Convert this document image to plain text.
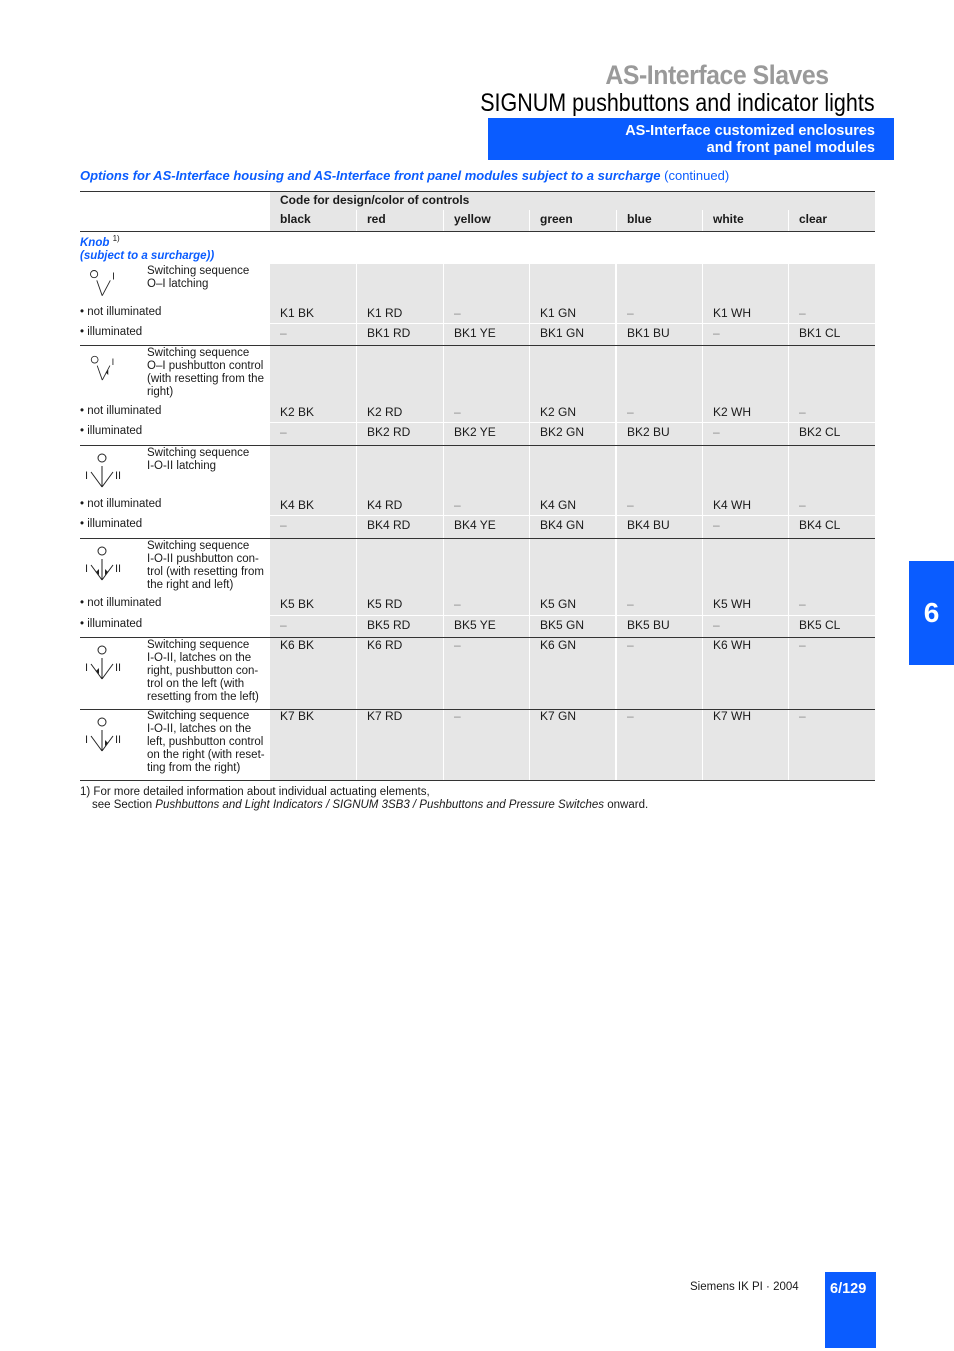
AS-Interface Slaves
SIGNUM pushbuttons and indicator lights
AS-Interface customized enclosures
and front panel modules
Options for AS-Interface housing and AS-Interface front panel modules subject to a surcharge (continued)
Code for design/color of controls
black	red	yellow	green	blue	white	clear
Knob $^{1)}$
(subject to a surcharge))
I	Switching sequence
O–I latching
• not illuminated	K1 BK	K1 RD	–	K1 GN	–	K1 WH	–
• illuminated	–	BK1 RD	BK1 YE	BK1 GN	BK1 BU	–	BK1 CL
I
Switching sequence
O–I pushbutton control
(with resetting from the
right)
• not illuminated	K2 BK	K2 RD	–	K2 GN	–	K2 WH	–
• illuminated	–	BK2 RD	BK2 YE	BK2 GN	BK2 BU	–	BK2 CL
I II
Switching sequence
I-O-II latching
• not illuminated	K4 BK	K4 RD	–	K4 GN	–	K4 WH	–
• illuminated	–	BK4 RD	BK4 YE	BK4 GN	BK4 BU	–	BK4 CL
I II
Switching sequence
I-O-II pushbutton con-
trol (with resetting from
the right and left)
• not illuminated	K5 BK	K5 RD	–	K5 GN	–	K5 WH	–
• illuminated	–	BK5 RD	BK5 YE	BK5 GN	BK5 BU	–	BK5 CL
I II
Switching sequence
I-O-II, latches on the
right, pushbutton con-
trol on the left (with
resetting from the left)
K6 BK	K6 RD	–	K6 GN	–	K6 WH	–
I II
Switching sequence
I-O-II, latches on the
left, pushbutton control
on the right (with reset-
ting from the right)
K7 BK	K7 RD	–	K7 GN	–	K7 WH	–
1) For more detailed information about individual actuating elements,
see Section Pushbuttons and Light Indicators / SIGNUM 3SB3 / Pushbuttons and Pressure Switches onward.
6
Siemens IK PI · 2004 6/129
